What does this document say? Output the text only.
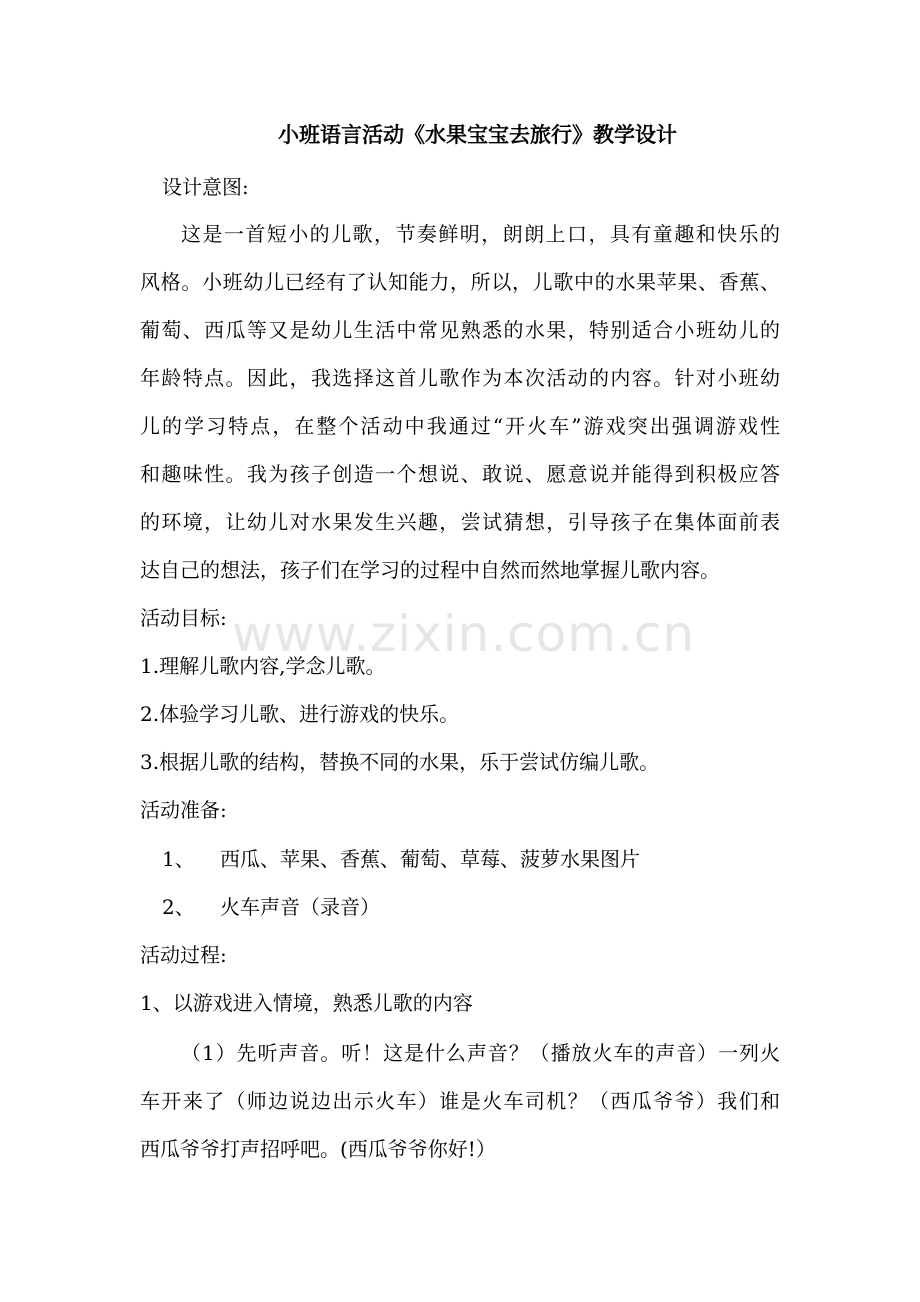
www.zixin.com.cn
小班语言活动《水果宝宝去旅行》教学设计
设计意图:
这是一首短小的儿歌，节奏鲜明，朗朗上口，具有童趣和快乐的
风格。小班幼儿已经有了认知能力，所以，儿歌中的水果苹果、香蕉、
葡萄、西瓜等又是幼儿生活中常见熟悉的水果，特别适合小班幼儿的
年龄特点。因此，我选择这首儿歌作为本次活动的内容。针对小班幼
儿的学习特点，在整个活动中我通过“开火车”游戏突出强调游戏性
和趣味性。我为孩子创造一个想说、敢说、愿意说并能得到积极应答
的环境，让幼儿对水果发生兴趣，尝试猜想，引导孩子在集体面前表
达自己的想法，孩子们在学习的过程中自然而然地掌握儿歌内容。
活动目标:
1.理解儿歌内容,学念儿歌。
2.体验学习儿歌、进行游戏的快乐。
3.根据儿歌的结构，替换不同的水果，乐于尝试仿编儿歌。
活动准备:
1、 西瓜、苹果、香蕉、葡萄、草莓、菠萝水果图片
2、 火车声音（录音）
活动过程:
1、以游戏进入情境，熟悉儿歌的内容
（1）先听声音。听！这是什么声音？（播放火车的声音）一列火
车开来了（师边说边出示火车）谁是火车司机？（西瓜爷爷）我们和
西瓜爷爷打声招呼吧。(西瓜爷爷你好!）
